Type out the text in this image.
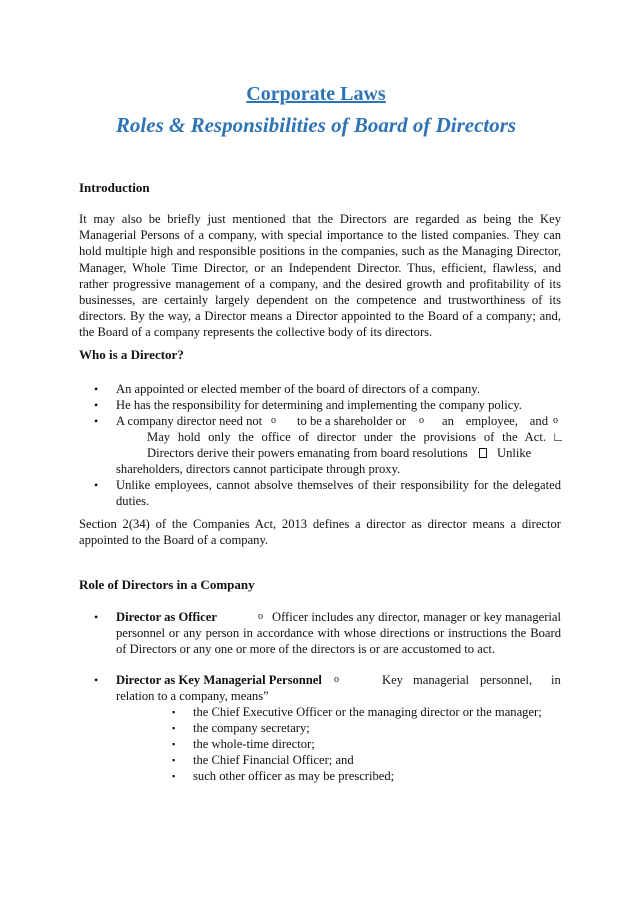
Corporate Laws
Roles & Responsibilities of Board of Directors
Introduction
It may also be briefly just mentioned that the Directors are regarded as being the Key
Managerial Persons of a company, with special importance to the listed companies. They can
hold multiple high and responsible positions in the companies, such as the Managing Director,
Manager, Whole Time Director, or an Independent Director. Thus, efficient, flawless, and
rather progressive management of a company, and the desired growth and profitability of its
businesses, are certainly largely dependent on the competence and trustworthiness of its
directors. By the way, a Director means a Director appointed to the Board of a company; and,
the Board of a company represents the collective body of its directors.
Who is a Director?
• An appointed or elected member of the board of directors of a company.
• He has the responsibility for determining and implementing the company policy.
• A company director need not o to be a shareholder or o an employee, and o
May hold only the office of director under the provisions of the Act. ∟
Directors derive their powers emanating from board resolutions Unlike
shareholders, directors cannot participate through proxy.
• Unlike employees, cannot absolve themselves of their responsibility for the delegated
duties.
Section 2(34) of the Companies Act, 2013 defines a director as director means a director
appointed to the Board of a company.
Role of Directors in a Company
• Director as Officer	o Officer includes any director, manager or key managerial
personnel or any person in accordance with whose directions or instructions the Board
of Directors or any one or more of the directors is or are accustomed to act.
• Director as Key Managerial Personnel o	Key managerial personnel, in
relation to a company, means”
▪ the Chief Executive Officer or the managing director or the manager;
▪ the company secretary;
▪ the whole-time director;
▪ the Chief Financial Officer; and
▪ such other officer as may be prescribed;
